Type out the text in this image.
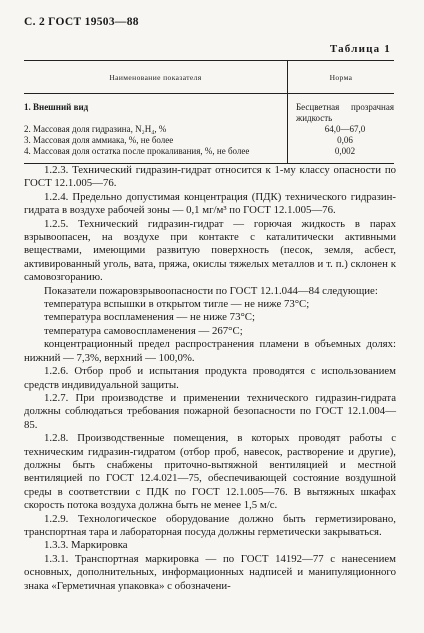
С. 2 ГОСТ 19503—88
Таблица 1
Наименование показателя	Норма

1. Внешний вид	Бесцветная прозрачная жидкость

2. Массовая доля гидразина, N₂H₄, %	64,0—67,0

3. Массовая доля аммиака, %, не более	0,06

4. Массовая доля остатка после прокаливания, %, не более	0,002

1.2.3. Технический гидразин-гидрат относится к 1-му классу опасности по ГОСТ 12.1.005—76.

1.2.4. Предельно допустимая концентрация (ПДК) технического гидразин-гидрата в воздухе рабочей зоны — 0,1 мг/м³ по ГОСТ 12.1.005—76.

1.2.5. Технический гидразин-гидрат — горючая жидкость в парах взрывоопасен, на воздухе при контакте с каталитически активными веществами, имеющими развитую поверхность (песок, земля, асбест, активированный уголь, вата, пряжа, окислы тяжелых металлов и т. п.) склонен к самовозгоранию.

Показатели пожаровзрывоопасности по ГОСТ 12.1.044—84 следующие:

температура вспышки в открытом тигле — не ниже 73°С;

температура воспламенения — не ниже 73°С;

температура самовоспламенения — 267°С;

концентрационный предел распространения пламени в объемных долях: нижний — 7,3%, верхний — 100,0%.

1.2.6. Отбор проб и испытания продукта проводятся с использованием средств индивидуальной защиты.

1.2.7. При производстве и применении технического гидразин-гидрата должны соблюдаться требования пожарной безопасности по ГОСТ 12.1.004—85.

1.2.8. Производственные помещения, в которых проводят работы с техническим гидразин-гидратом (отбор проб, навесок, растворение и другие), должны быть снабжены приточно-вытяжной вентиляцией и местной вентиляцией по ГОСТ 12.4.021—75, обеспечивающей состояние воздушной среды в соответствии с ПДК по ГОСТ 12.1.005—76. В вытяжных шкафах скорость потока воздуха должна быть не менее 1,5 м/с.

1.2.9. Технологическое оборудование должно быть герметизировано, транспортная тара и лабораторная посуда должны герметически закрываться.

1.3.3. Маркировка

1.3.1. Транспортная маркировка — по ГОСТ 14192—77 с нанесением основных, дополнительных, информационных надписей и манипуляционного знака «Герметичная упаковка» с обозначени-
